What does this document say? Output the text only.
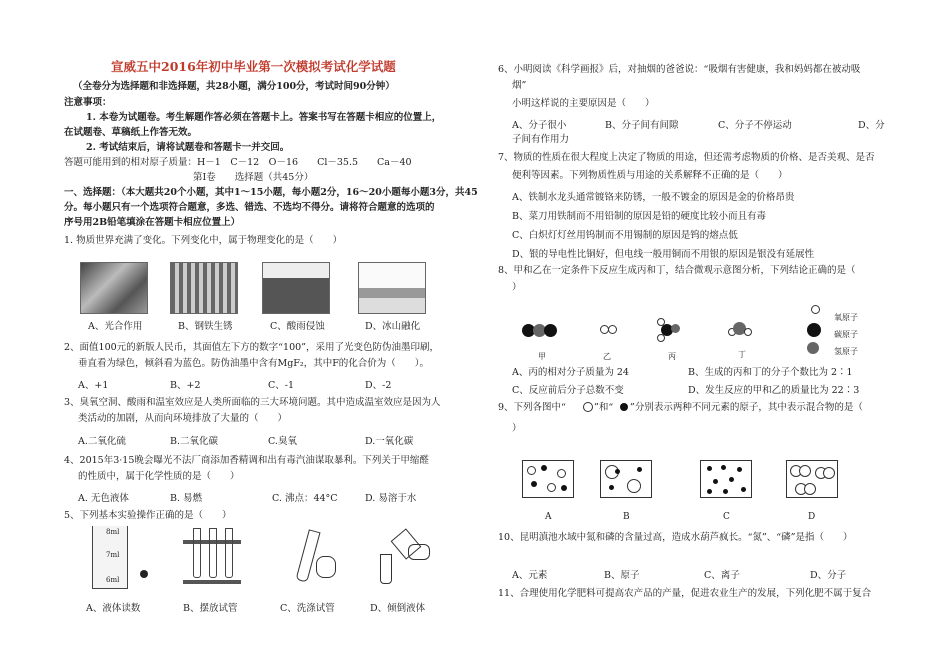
宣威五中2016年初中毕业第一次模拟考试化学试题
（全卷分为选择题和非选择题，共28小题，满分100分，考试时间90分钟）
注意事项：
1. 本卷为试题卷。考生解题作答必须在答题卡上。答案书写在答题卡相应的位置上，
在试题卷、草稿纸上作答无效。
2. 考试结束后，请将试题卷和答题卡一并交回。
答题可能用到的相对原子质量：H－1　C－12　O－16　　Cl－35.5　　Ca－40
第Ⅰ卷　　选择题（共45分）
一、选择题：（本大题共20个小题，其中1～15小题，每小题2分，16～20小题每小题3分，共45
分。每小题只有一个选项符合题意，多选、错选、不选均不得分。请将符合题意的选项的
序号用2B铅笔填涂在答题卡相应位置上）
1. 物质世界充满了变化。下列变化中，属于物理变化的是（　　）
A、光合作用	B、钢铁生锈	C、酸雨侵蚀	D、冰山融化
2、面值100元的新版人民币，其面值左下方的数字“100”，采用了光变色防伪油墨印刷，
垂直看为绿色，倾斜看为蓝色。防伪油墨中含有MgF₂，其中F的化合价为（　　）。
A、+1	B、+2	C、-1	D、-2
3、臭氧空洞、酸雨和温室效应是人类所面临的三大环境问题。其中造成温室效应是因为人
类活动的加剧，从而向环境排放了大量的（　　）
A.二氧化硫	B.二氧化碳	C.臭氧	D.一氧化碳
4、2015年3·15晚会曝光不法厂商添加香精调和出有毒汽油谋取暴利。下列关于甲缩醛
的性质中，属于化学性质的是（　　）
A. 无色液体	B. 易燃	C. 沸点：44°C	D. 易溶于水
5、下列基本实验操作正确的是（　　）
8ml
7ml
6ml
A、液体读数	B、摆放试管	C、洗涤试管	D、倾倒液体
6、小明阅读《科学画报》后，对抽烟的爸爸说：“吸烟有害健康，我和妈妈都在被动吸
烟”
小明这样说的主要原因是（　　）
A、分子很小	B、分子间有间隙	C、分子不停运动	D、分
子间有作用力
7、物质的性质在很大程度上决定了物质的用途，但还需考虑物质的价格、是否美观、是否
便利等因素。下列物质性质与用途的关系解释不正确的是（　　）
A、铁制水龙头通常镀铬来防锈，一般不镀金的原因是金的价格昂贵
B、菜刀用铁制而不用铅制的原因是铅的硬度比较小而且有毒
C、白炽灯灯丝用钨制而不用锡制的原因是钨的熔点低
D、银的导电性比铜好，但电线一般用铜而不用银的原因是银没有延展性
8、甲和乙在一定条件下反应生成丙和丁，结合微观示意图分析，下列结论正确的是（
）
甲	乙	丙	丁
氧原子
碳原子
氢原子
A、丙的相对分子质量为 24	B、生成的丙和丁的分子个数比为 2∶1
C、反应前后分子总数不变	D、发生反应的甲和乙的质量比为 22∶3
9、下列各图中“	”和“ ”分别表示两种不同元素的原子，其中表示混合物的是（
）
A	B	C	D
10、昆明滇池水域中氮和磷的含量过高，造成水葫芦疯长。“氮”、“磷”是指（　　）
A、元素	B、原子	C、离子	D、分子
11、合理使用化学肥料可提高农产品的产量，促进农业生产的发展，下列化肥不属于复合
